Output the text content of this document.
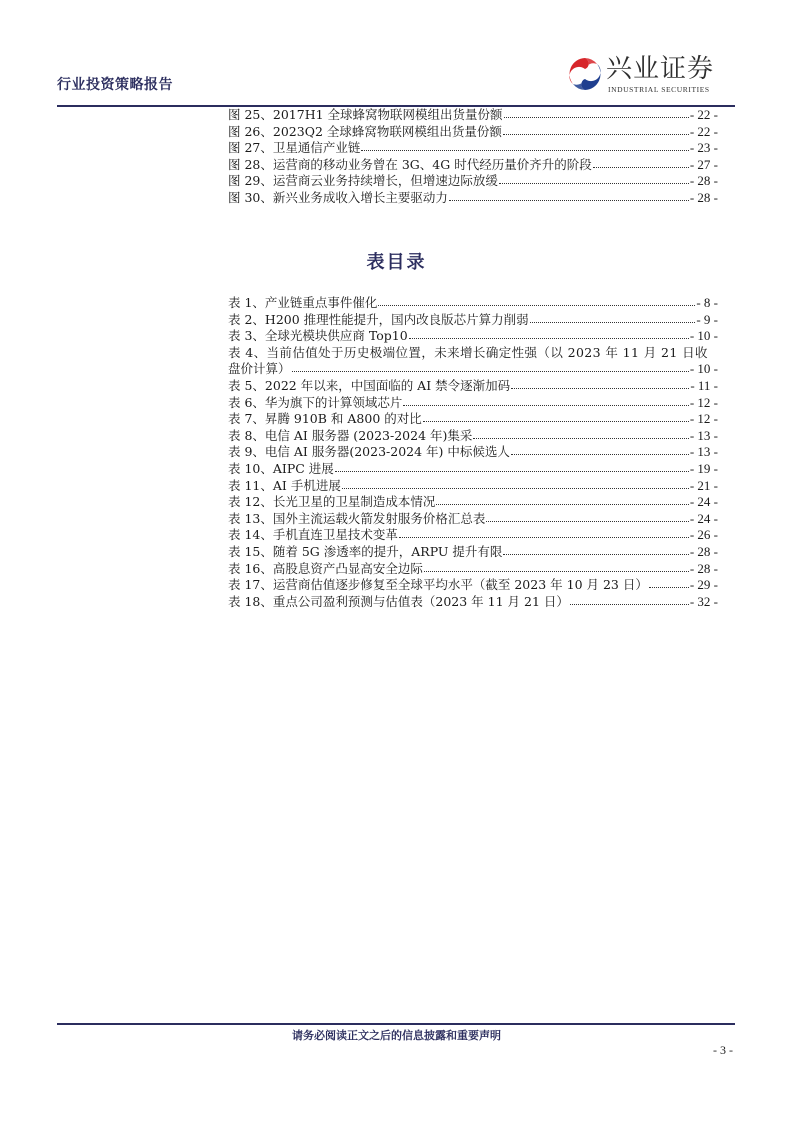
行业投资策略报告
兴业证券
INDUSTRIAL SECURITIES
图 25、2017H1 全球蜂窝物联网模组出货量份额	- 22 -
图 26、2023Q2 全球蜂窝物联网模组出货量份额	- 22 -
图 27、卫星通信产业链	- 23 -
图 28、运营商的移动业务曾在 3G、4G 时代经历量价齐升的阶段	- 27 -
图 29、运营商云业务持续增长，但增速边际放缓	- 28 -
图 30、新兴业务成收入增长主要驱动力	- 28 -
表目录
表 1、产业链重点事件催化	- 8 -
表 2、H200 推理性能提升，国内改良版芯片算力削弱	- 9 -
表 3、全球光模块供应商 Top10	- 10 -
表 4、当前估值处于历史极端位置，未来增长确定性强（以 2023 年 11 月 21 日收
盘价计算）	- 10 -
表 5、2022 年以来，中国面临的 AI 禁令逐渐加码	- 11 -
表 6、华为旗下的计算领域芯片	- 12 -
表 7、昇腾 910B 和 A800 的对比	- 12 -
表 8、电信 AI 服务器 (2023-2024 年)集采	- 13 -
表 9、电信 AI 服务器(2023-2024 年) 中标候选人	- 13 -
表 10、AIPC 进展	- 19 -
表 11、AI 手机进展	- 21 -
表 12、长光卫星的卫星制造成本情况	- 24 -
表 13、国外主流运载火箭发射服务价格汇总表	- 24 -
表 14、手机直连卫星技术变革	- 26 -
表 15、随着 5G 渗透率的提升，ARPU 提升有限	- 28 -
表 16、高股息资产凸显高安全边际	- 28 -
表 17、运营商估值逐步修复至全球平均水平（截至 2023 年 10 月 23 日）	- 29 -
表 18、重点公司盈利预测与估值表（2023 年 11 月 21 日）	- 32 -
请务必阅读正文之后的信息披露和重要声明
- 3 -
